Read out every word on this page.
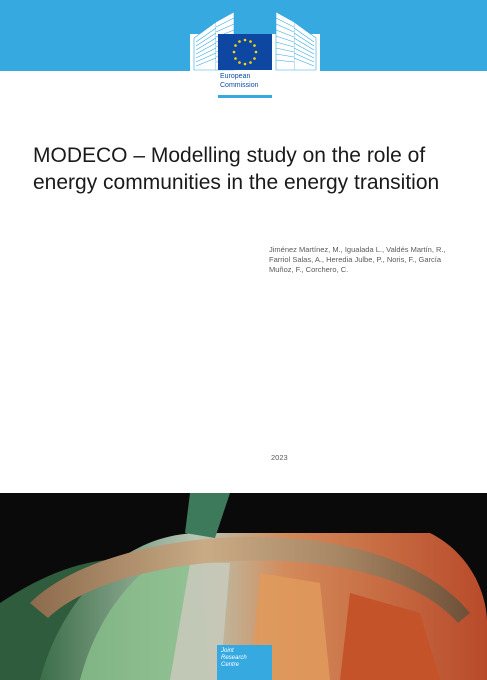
European
Commission
MODECO – Modelling study on the role of energy communities in the energy transition
Jiménez Martínez, M., Igualada L., Valdés Martín, R., Farriol Salas, A., Heredia Julbe, P., Noris, F., García Muñoz, F., Corchero, C.
2023
Joint
Research
Centre
